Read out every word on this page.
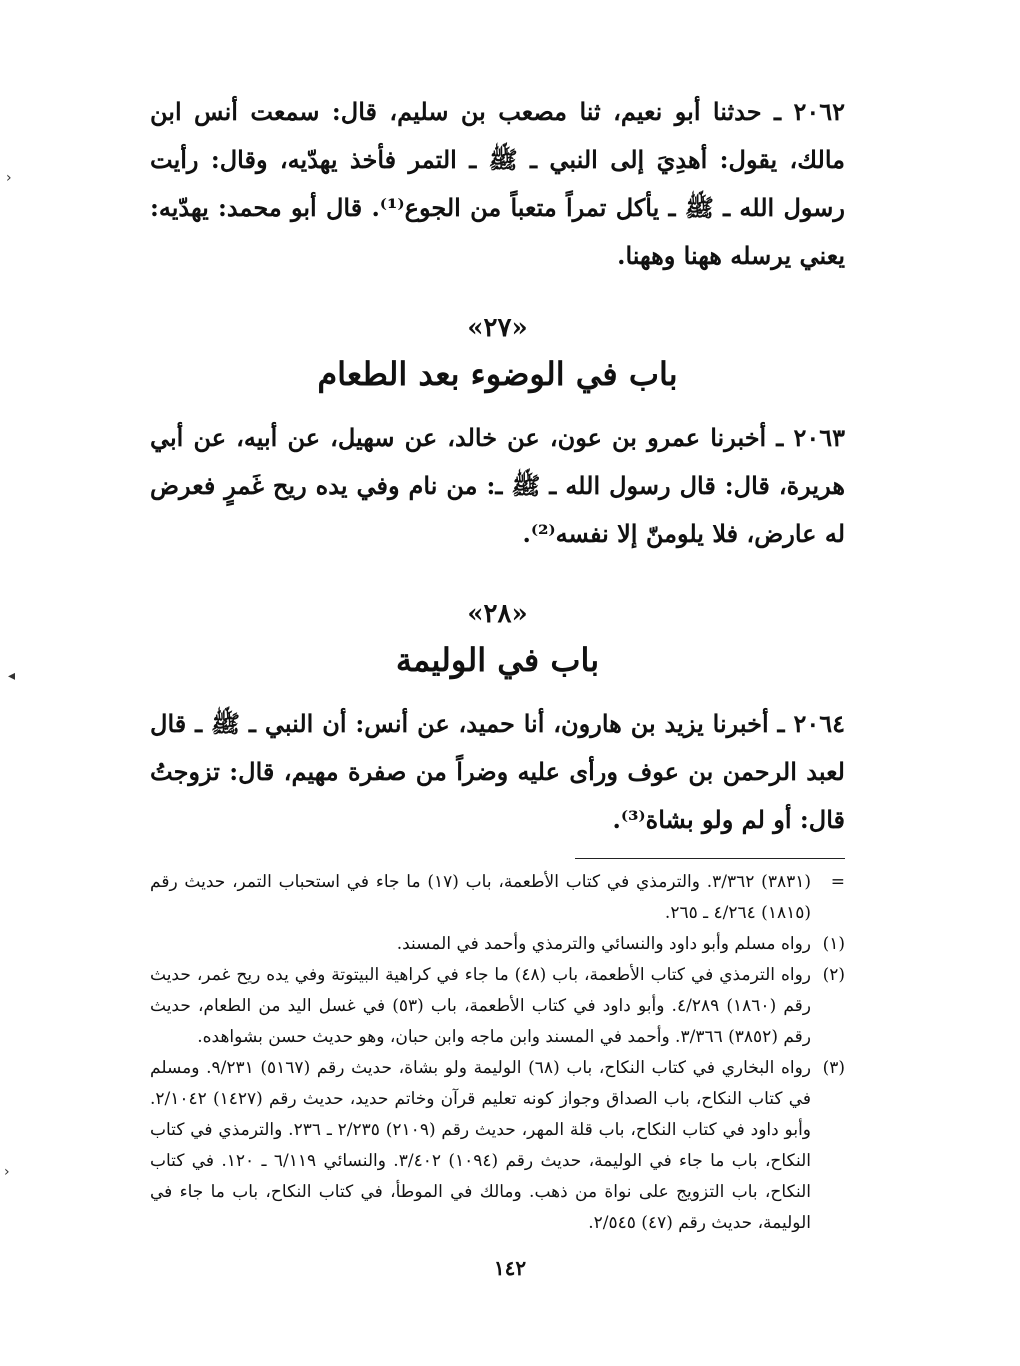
٢٠٦٢ ـ حدثنا أبو نعيم، ثنا مصعب بن سليم، قال: سمعت أنس ابن مالك، يقول: أهدِيَ إلى النبي ـ ﷺ ـ التمر فأخذ يهدّيه، وقال: رأيت رسول الله ـ ﷺ ـ يأكل تمراً متعباً من الجوع⁽¹⁾. قال أبو محمد: يهدّيه: يعني يرسله ههنا وههنا.

«٢٧»

باب في الوضوء بعد الطعام

٢٠٦٣ ـ أخبرنا عمرو بن عون، عن خالد، عن سهيل، عن أبيه، عن أبي هريرة، قال: قال رسول الله ـ ﷺ ـ: من نام وفي يده ريح غَمرٍ فعرض له عارض، فلا يلومنّ إلا نفسه⁽²⁾.

«٢٨»

باب في الوليمة

٢٠٦٤ ـ أخبرنا يزيد بن هارون، أنا حميد، عن أنس: أن النبي ـ ﷺ ـ قال لعبد الرحمن بن عوف ورأى عليه وضراً من صفرة مهيم، قال: تزوجتُ قال: أو لم ولو بشاة⁽³⁾.

=
(٣٨٣١) ٣/٣٦٢. والترمذي في كتاب الأطعمة، باب (١٧) ما جاء في استحباب التمر، حديث رقم (١٨١٥) ٤/٢٦٤ ـ ٢٦٥.
(١)
رواه مسلم وأبو داود والنسائي والترمذي وأحمد في المسند.
(٢)
رواه الترمذي في كتاب الأطعمة، باب (٤٨) ما جاء في كراهية البيتوتة وفي يده ريح غمر، حديث رقم (١٨٦٠) ٤/٢٨٩. وأبو داود في كتاب الأطعمة، باب (٥٣) في غسل اليد من الطعام، حديث رقم (٣٨٥٢) ٣/٣٦٦. وأحمد في المسند وابن ماجه وابن حبان، وهو حديث حسن بشواهده.
(٣)
رواه البخاري في كتاب النكاح، باب (٦٨) الوليمة ولو بشاة، حديث رقم (٥١٦٧) ٩/٢٣١. ومسلم في كتاب النكاح، باب الصداق وجواز كونه تعليم قرآن وخاتم حديد، حديث رقم (١٤٢٧) ٢/١٠٤٢. وأبو داود في كتاب النكاح، باب قلة المهر، حديث رقم (٢١٠٩) ٢/٢٣٥ ـ ٢٣٦. والترمذي في كتاب النكاح، باب ما جاء في الوليمة، حديث رقم (١٠٩٤) ٣/٤٠٢. والنسائي ٦/١١٩ ـ ١٢٠. في كتاب النكاح، باب التزويج على نواة من ذهب. ومالك في الموطأ، في كتاب النكاح، باب ما جاء في الوليمة، حديث رقم (٤٧) ٢/٥٤٥.
١٤٢
›
◂
›
